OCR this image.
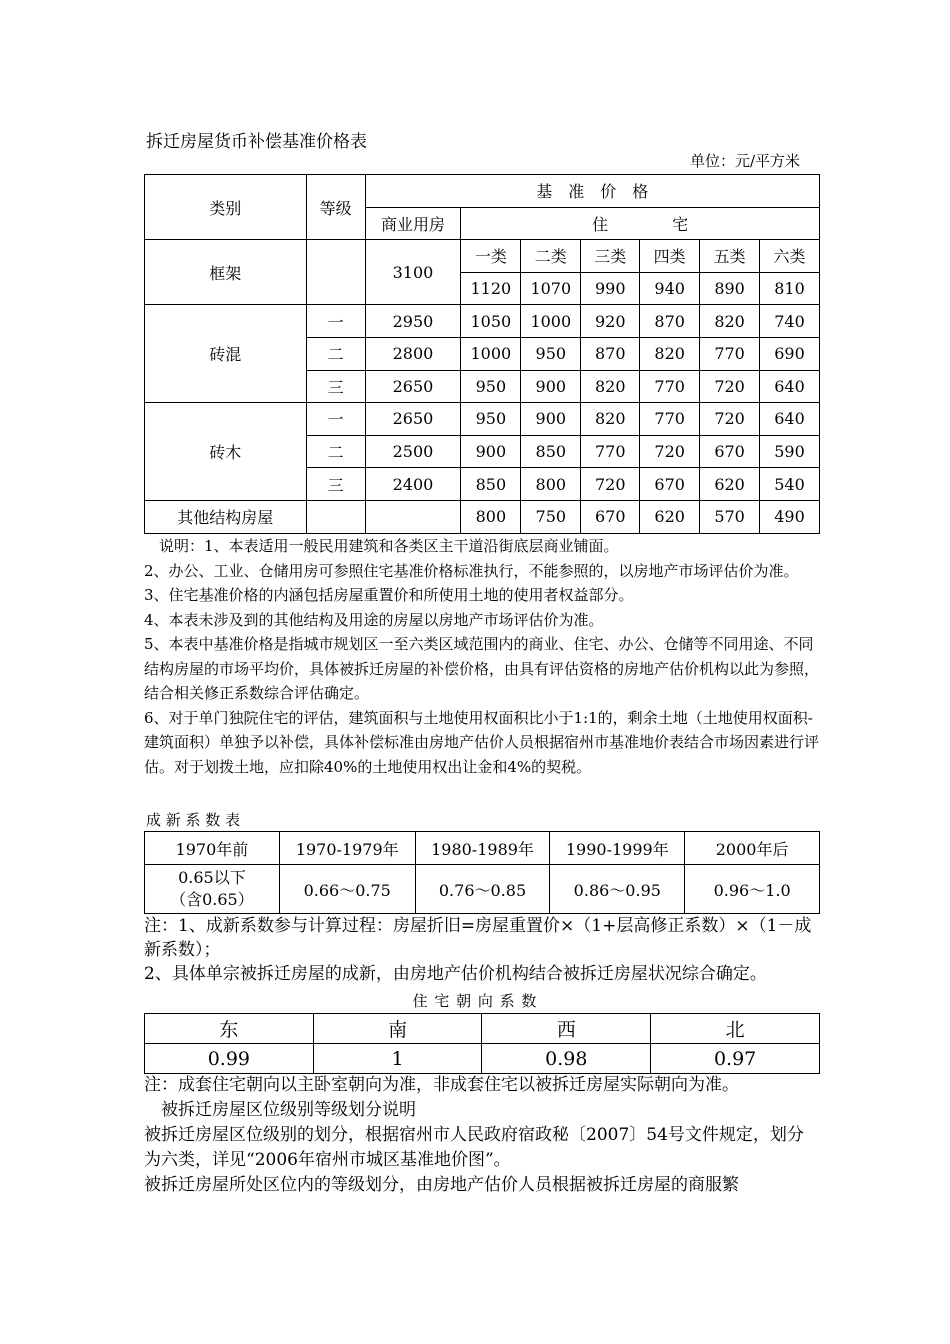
拆迁房屋货币补偿基准价格表
单位：元/平方米
类别	等级	基　准　价　格						
		商业用房	住　　　　宅					
框架		3100	一类	二类	三类	四类	五类	六类
			1120	1070	990	940	890	810
砖混	一	2950	1050	1000	920	870	820	740
	二	2800	1000	950	870	820	770	690
	三	2650	950	900	820	770	720	640
砖木	一	2650	950	900	820	770	720	640
	二	2500	900	850	770	720	670	590
	三	2400	850	800	720	670	620	540
其他结构房屋			800	750	670	620	570	490

　说明：1、本表适用一般民用建筑和各类区主干道沿街底层商业铺面。

2、办公、工业、仓储用房可参照住宅基准价格标准执行，不能参照的，以房地产市场评估价为准。

3、住宅基准价格的内涵包括房屋重置价和所使用土地的使用者权益部分。

4、本表未涉及到的其他结构及用途的房屋以房地产市场评估价为准。

5、本表中基准价格是指城市规划区一至六类区域范围内的商业、住宅、办公、仓储等不同用途、不同结构房屋的市场平均价，具体被拆迁房屋的补偿价格，由具有评估资格的房地产估价机构以此为参照，结合相关修正系数综合评估确定。

6、对于单门独院住宅的评估，建筑面积与土地使用权面积比小于1:1的，剩余土地（土地使用权面积-建筑面积）单独予以补偿，具体补偿标准由房地产估价人员根据宿州市基准地价表结合市场因素进行评估。对于划拨土地，应扣除40%的土地使用权出让金和4%的契税。

成 新 系 数 表
1970年前	1970-1979年	1980-1989年	1990-1999年	2000年后

0.65以下
（含0.65）	0.66～0.75	0.76～0.85	0.86～0.95	0.96～1.0

注：1、成新系数参与计算过程：房屋折旧=房屋重置价×（1+层高修正系数）×（1－成新系数）；

2、具体单宗被拆迁房屋的成新，由房地产估价机构结合被拆迁房屋状况综合确定。

住 宅 朝 向 系 数
东	南	西	北
0.99	1	0.98	0.97

注：成套住宅朝向以主卧室朝向为准，非成套住宅以被拆迁房屋实际朝向为准。

　被拆迁房屋区位级别等级划分说明

被拆迁房屋区位级别的划分，根据宿州市人民政府宿政秘〔2007〕54号文件规定，划分为六类，详见“2006年宿州市城区基准地价图”。

被拆迁房屋所处区位内的等级划分，由房地产估价人员根据被拆迁房屋的商服繁
